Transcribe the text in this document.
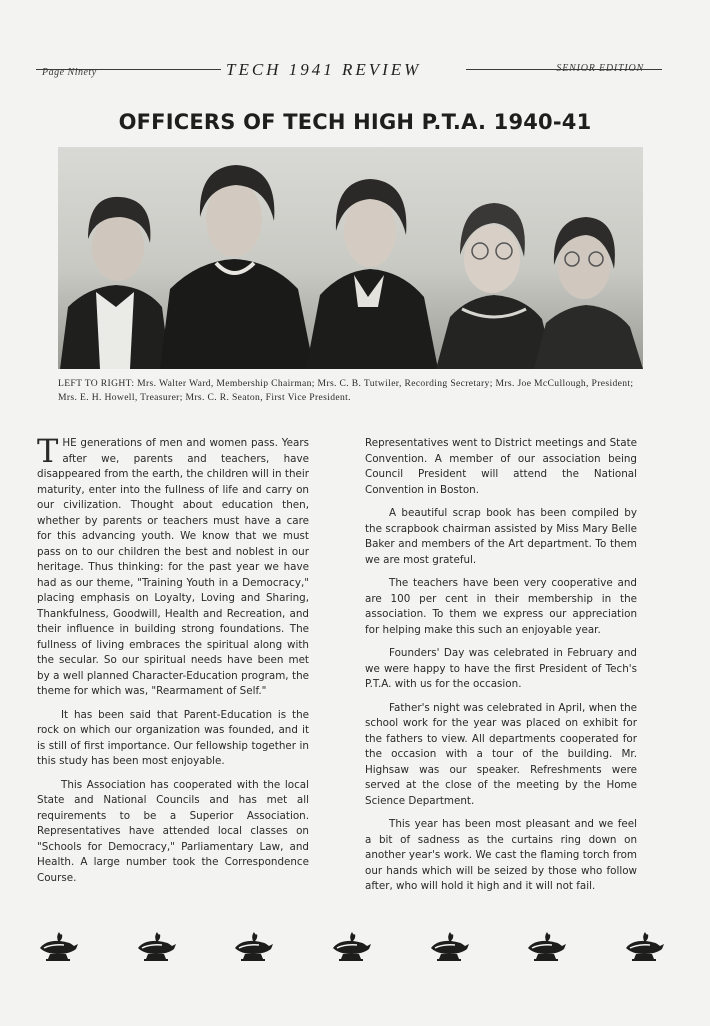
Page Ninety	TECH 1941 REVIEW	SENIOR EDITION
OFFICERS OF TECH HIGH P.T.A. 1940-41
LEFT TO RIGHT: Mrs. Walter Ward, Membership Chairman; Mrs. C. B. Tutwiler, Recording Secretary; Mrs. Joe McCullough, President; Mrs. E. H. Howell, Treasurer; Mrs. C. R. Seaton, First Vice President.

THE generations of men and women pass. Years after we, parents and teachers, have disappeared from the earth, the children will in their maturity, enter into the fullness of life and carry on our civilization. Thought about education then, whether by parents or teachers must have a care for this advancing youth. We know that we must pass on to our children the best and noblest in our heritage. Thus thinking: for the past year we have had as our theme, "Training Youth in a Democracy," placing emphasis on Loyalty, Loving and Sharing, Thankfulness, Goodwill, Health and Recreation, and their influence in building strong foundations. The fullness of living embraces the spiritual along with the secular. So our spiritual needs have been met by a well planned Character-Education program, the theme for which was, "Rearmament of Self."

It has been said that Parent-Education is the rock on which our organization was founded, and it is still of first importance. Our fellowship together in this study has been most enjoyable.

This Association has cooperated with the local State and National Councils and has met all requirements to be a Superior Association. Representatives have attended local classes on "Schools for Democracy," Parliamentary Law, and Health. A large number took the Correspondence Course.

Representatives went to District meetings and State Convention. A member of our association being Council President will attend the National Convention in Boston.

A beautiful scrap book has been compiled by the scrapbook chairman assisted by Miss Mary Belle Baker and members of the Art department. To them we are most grateful.

The teachers have been very cooperative and are 100 per cent in their membership in the association. To them we express our appreciation for helping make this such an enjoyable year.

Founders' Day was celebrated in February and we were happy to have the first President of Tech's P.T.A. with us for the occasion.

Father's night was celebrated in April, when the school work for the year was placed on exhibit for the fathers to view. All departments cooperated for the occasion with a tour of the building. Mr. Highsaw was our speaker. Refreshments were served at the close of the meeting by the Home Science Department.

This year has been most pleasant and we feel a bit of sadness as the curtains ring down on another year's work. We cast the flaming torch from our hands which will be seized by those who follow after, who will hold it high and it will not fail.
